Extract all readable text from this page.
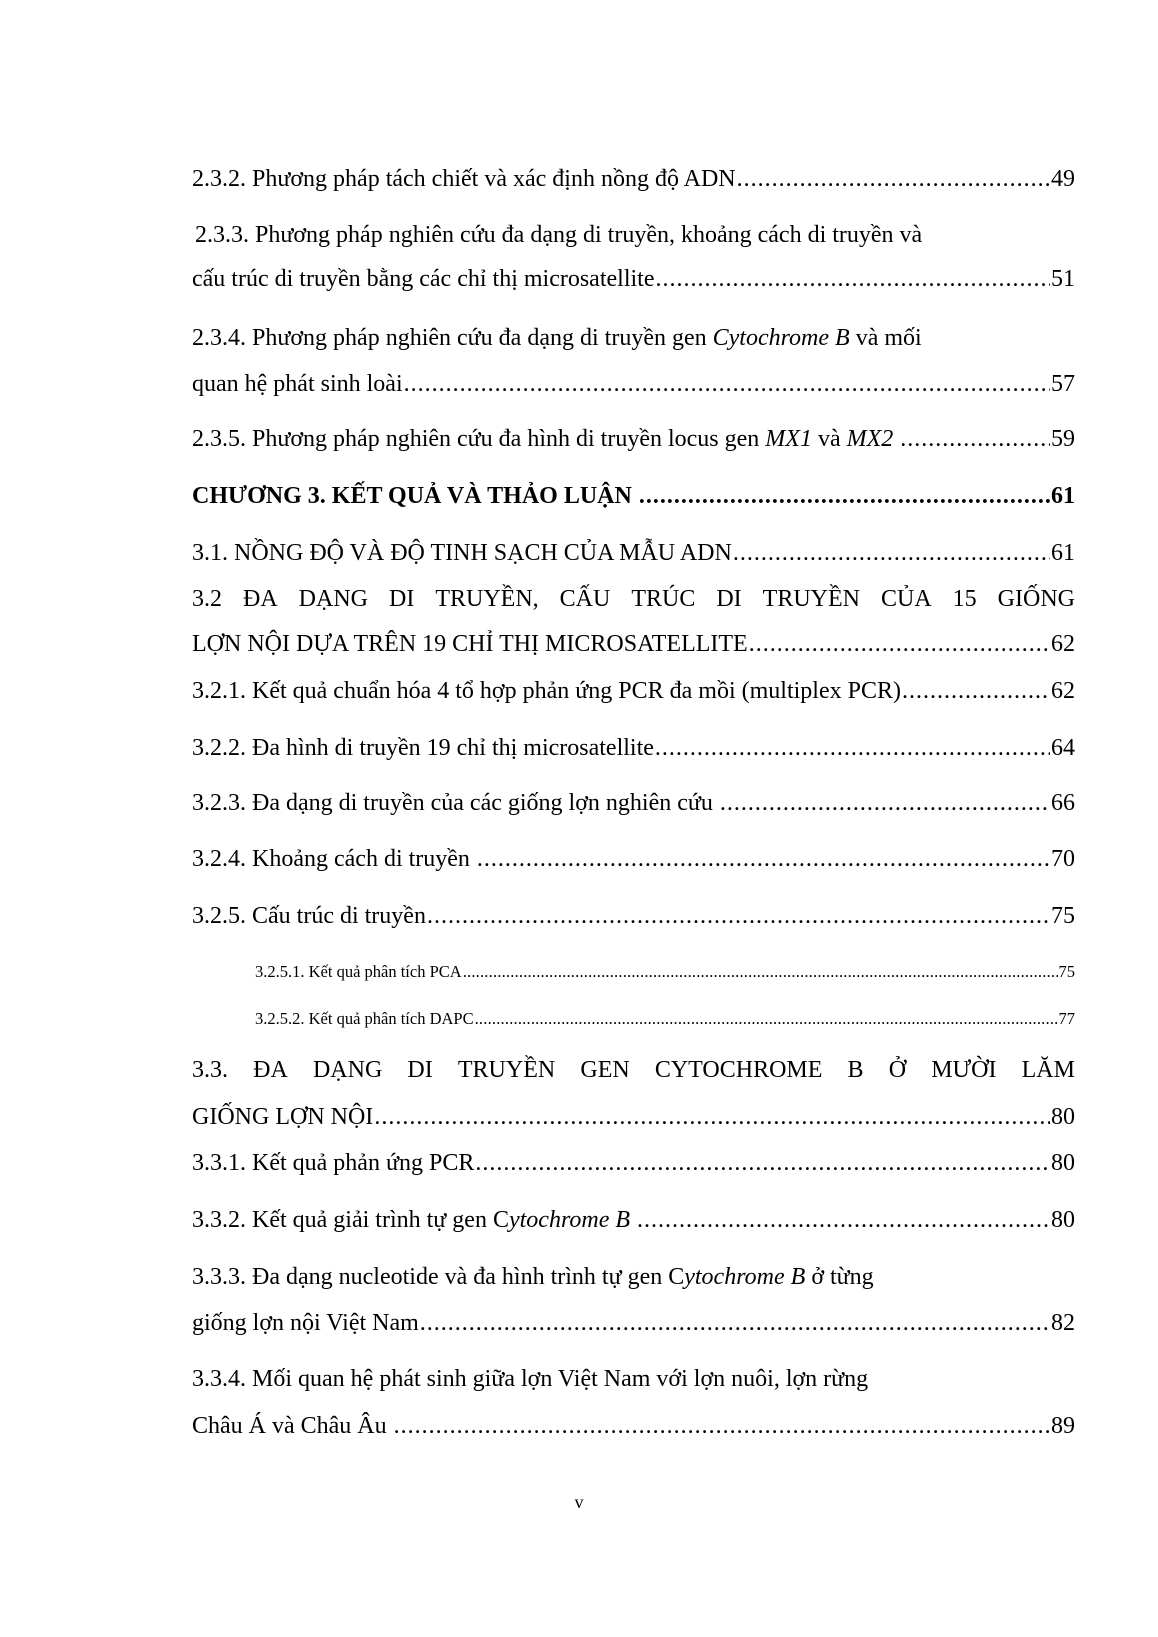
2.3.2. Phương pháp tách chiết và xác định nồng độ ADN .....	49
2.3.3. Phương pháp nghiên cứu đa dạng di truyền, khoảng cách di truyền và
cấu trúc di truyền bằng các chỉ thị microsatellite .....	51
2.3.4. Phương pháp nghiên cứu đa dạng di truyền gen Cytochrome B và mối
quan hệ phát sinh loài .....	57
2.3.5. Phương pháp nghiên cứu đa hình di truyền locus gen MX1 và MX2 .....	59
CHƯƠNG 3. KẾT QUẢ VÀ THẢO LUẬN .....	61
3.1. NỒNG ĐỘ VÀ ĐỘ TINH SẠCH CỦA MẪU ADN .....	61
3.2 ĐA DẠNG DI TRUYỀN, CẤU TRÚC DI TRUYỀN CỦA 15 GIỐNG
LỢN NỘI DỰA TRÊN 19 CHỈ THỊ MICROSATELLITE .....	62
3.2.1. Kết quả chuẩn hóa 4 tổ hợp phản ứng PCR đa mồi (multiplex PCR) .....	62
3.2.2. Đa hình di truyền 19 chỉ thị microsatellite .....	64
3.2.3. Đa dạng di truyền của các giống lợn nghiên cứu .....	66
3.2.4. Khoảng cách di truyền .....	70
3.2.5. Cấu trúc di truyền .....	75
3.2.5.1. Kết quả phân tích PCA .....	75
3.2.5.2. Kết quả phân tích DAPC .....	77
3.3. ĐA DẠNG DI TRUYỀN GEN CYTOCHROME B Ở MƯỜI LĂM
GIỐNG LỢN NỘI .....	80
3.3.1. Kết quả phản ứng PCR .....	80
3.3.2. Kết quả giải trình tự gen Cytochrome B .....	80
3.3.3. Đa dạng nucleotide và đa hình trình tự gen Cytochrome B ở từng
giống lợn nội Việt Nam .....	82
3.3.4. Mối quan hệ phát sinh giữa lợn Việt Nam với lợn nuôi, lợn rừng
Châu Á và Châu Âu .....	89
v
